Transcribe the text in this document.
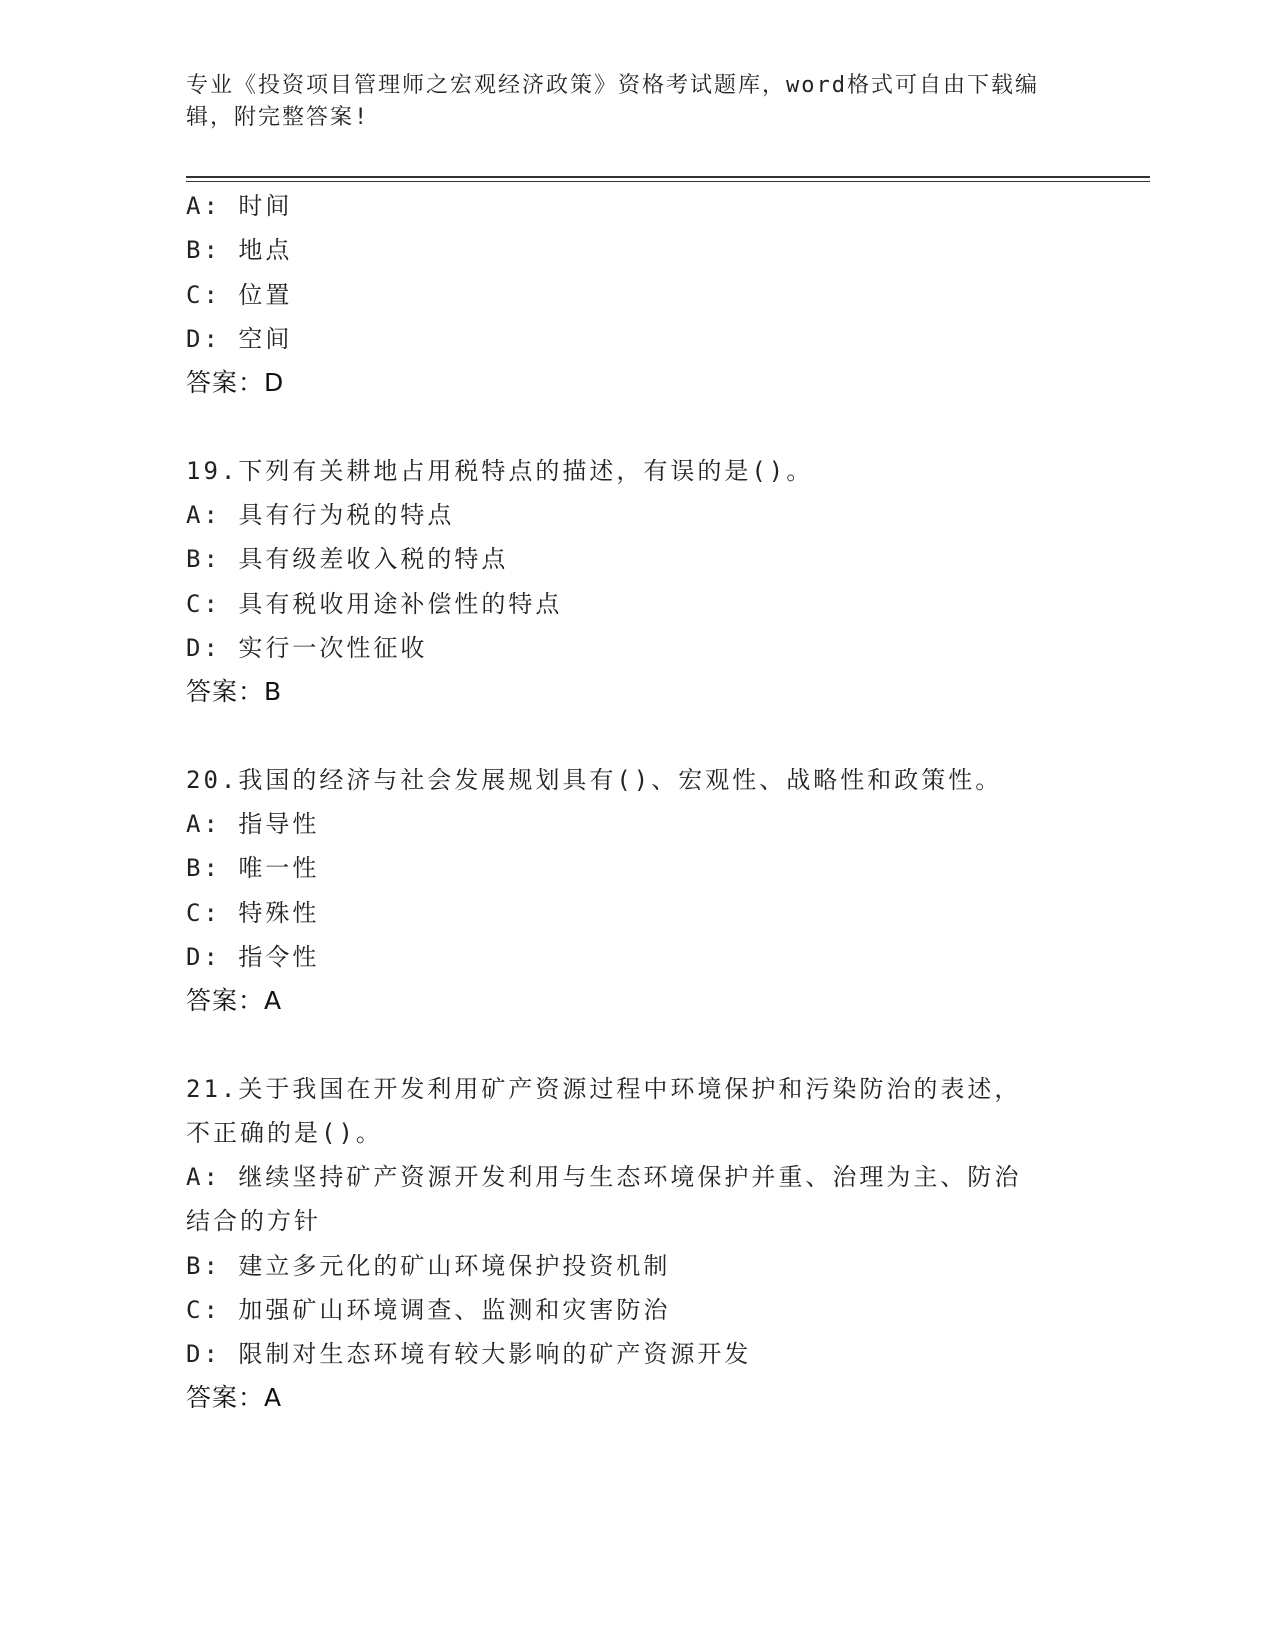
专业《投资项目管理师之宏观经济政策》资格考试题库，word格式可自由下载编辑，附完整答案!
A: 时间
B: 地点
C: 位置
D: 空间
答案：D
19.下列有关耕地占用税特点的描述，有误的是()。
A: 具有行为税的特点
B: 具有级差收入税的特点
C: 具有税收用途补偿性的特点
D: 实行一次性征收
答案：B
20.我国的经济与社会发展规划具有()、宏观性、战略性和政策性。
A: 指导性
B: 唯一性
C: 特殊性
D: 指令性
答案：A
21.关于我国在开发利用矿产资源过程中环境保护和污染防治的表述，
不正确的是()。
A: 继续坚持矿产资源开发利用与生态环境保护并重、治理为主、防治
结合的方针
B: 建立多元化的矿山环境保护投资机制
C: 加强矿山环境调查、监测和灾害防治
D: 限制对生态环境有较大影响的矿产资源开发
答案：A
